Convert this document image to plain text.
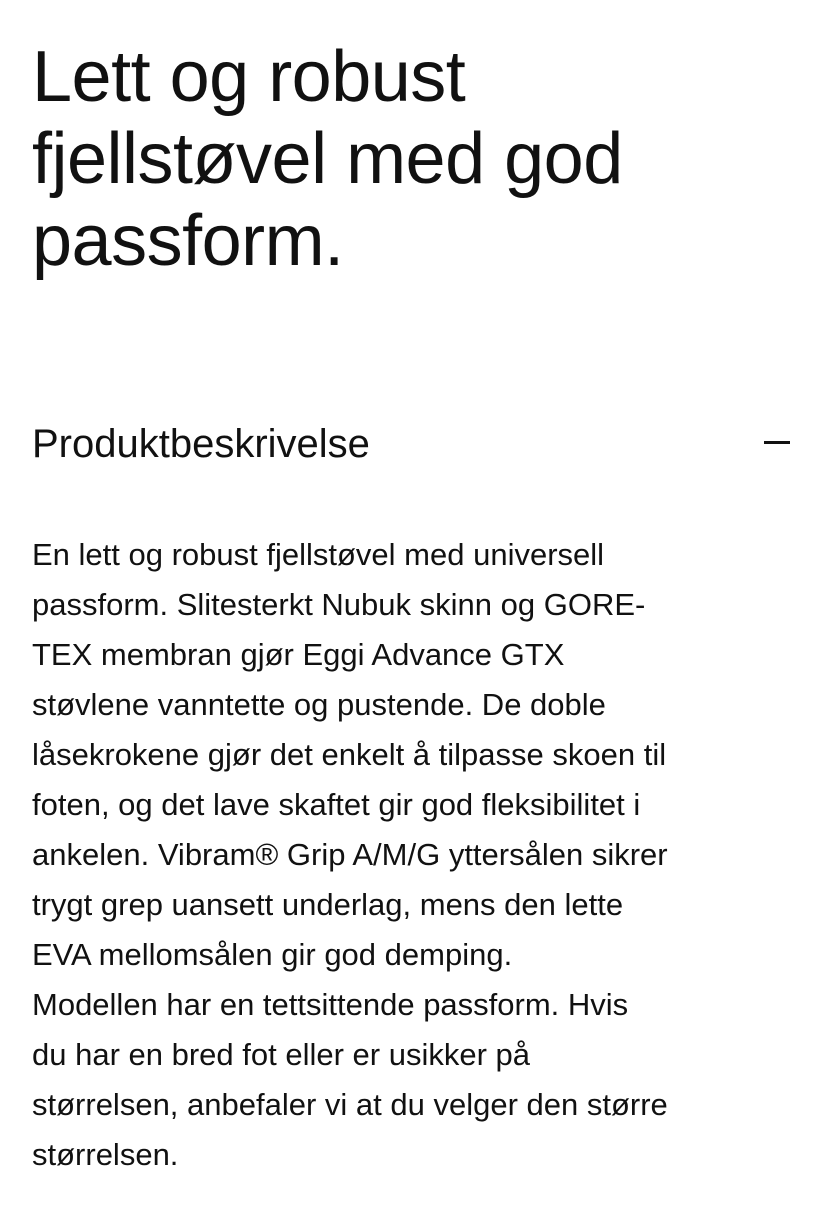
Lett og robust
fjellstøvel med god
passform.
Produktbeskrivelse

En lett og robust fjellstøvel med universell
passform. Slitesterkt Nubuk skinn og GORE-
TEX membran gjør Eggi Advance GTX
støvlene vanntette og pustende. De doble
låsekrokene gjør det enkelt å tilpasse skoen til
foten, og det lave skaftet gir god fleksibilitet i
ankelen. Vibram® Grip A/M/G yttersålen sikrer
trygt grep uansett underlag, mens den lette
EVA mellomsålen gir god demping.
Modellen har en tettsittende passform. Hvis
du har en bred fot eller er usikker på
størrelsen, anbefaler vi at du velger den større
størrelsen.
